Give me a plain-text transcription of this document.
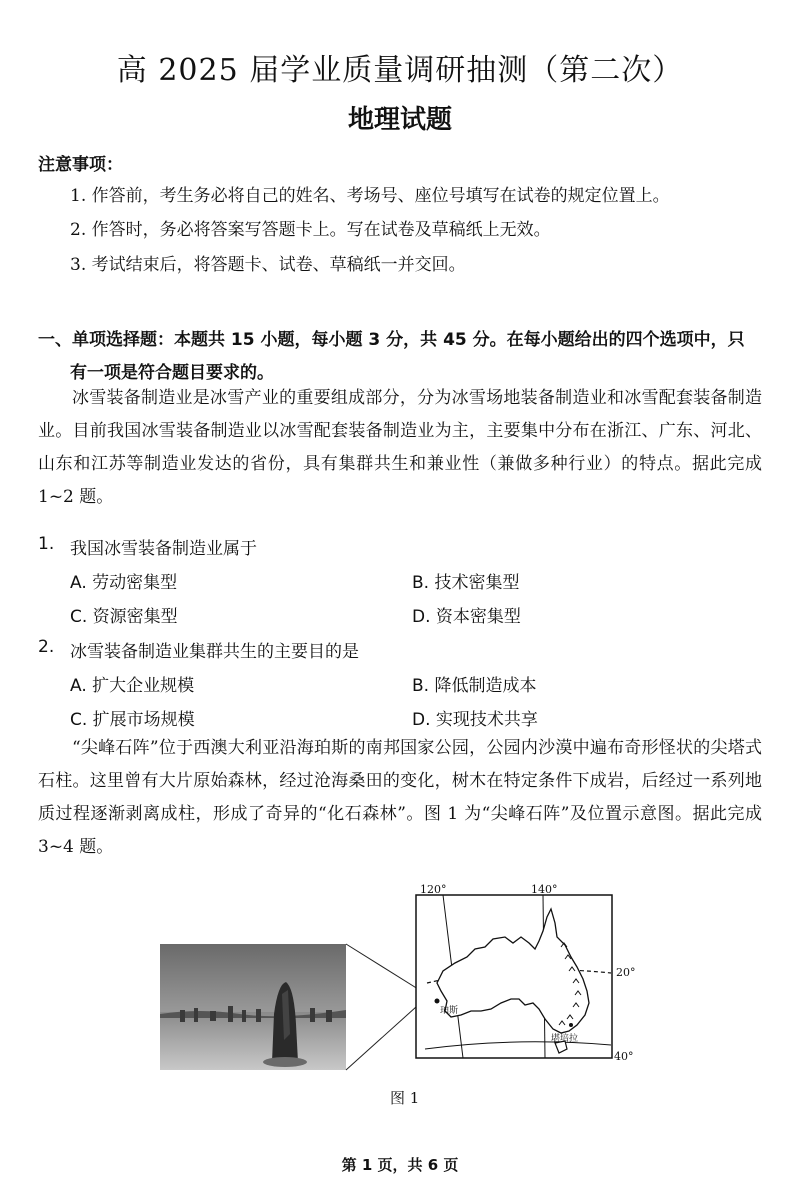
高 2025 届学业质量调研抽测（第二次）
地理试题
注意事项：
1. 作答前，考生务必将自己的姓名、考场号、座位号填写在试卷的规定位置上。
2. 作答时，务必将答案写答题卡上。写在试卷及草稿纸上无效。
3. 考试结束后，将答题卡、试卷、草稿纸一并交回。
一、单项选择题：本题共 15 小题，每小题 3 分，共 45 分。在每小题给出的四个选项中，只
有一项是符合题目要求的。
冰雪装备制造业是冰雪产业的重要组成部分，分为冰雪场地装备制造业和冰雪配套装备制造业。目前我国冰雪装备制造业以冰雪配套装备制造业为主，主要集中分布在浙江、广东、河北、山东和江苏等制造业发达的省份，具有集群共生和兼业性（兼做多种行业）的特点。据此完成 1~2 题。
1. 我国冰雪装备制造业属于
A. 劳动密集型	B. 技术密集型
C. 资源密集型	D. 资本密集型
2. 冰雪装备制造业集群共生的主要目的是
A. 扩大企业规模	B. 降低制造成本
C. 扩展市场规模	D. 实现技术共享
“尖峰石阵”位于西澳大利亚沿海珀斯的南邦国家公园，公园内沙漠中遍布奇形怪状的尖塔式石柱。这里曾有大片原始森林，经过沧海桑田的变化，树木在特定条件下成岩，后经过一系列地质过程逐渐剥离成柱，形成了奇异的“化石森林”。图 1 为“尖峰石阵”及位置示意图。据此完成 3~4 题。
120°	140°
20°
40°
珀斯
堪培拉
图 1
第 1 页，共 6 页
